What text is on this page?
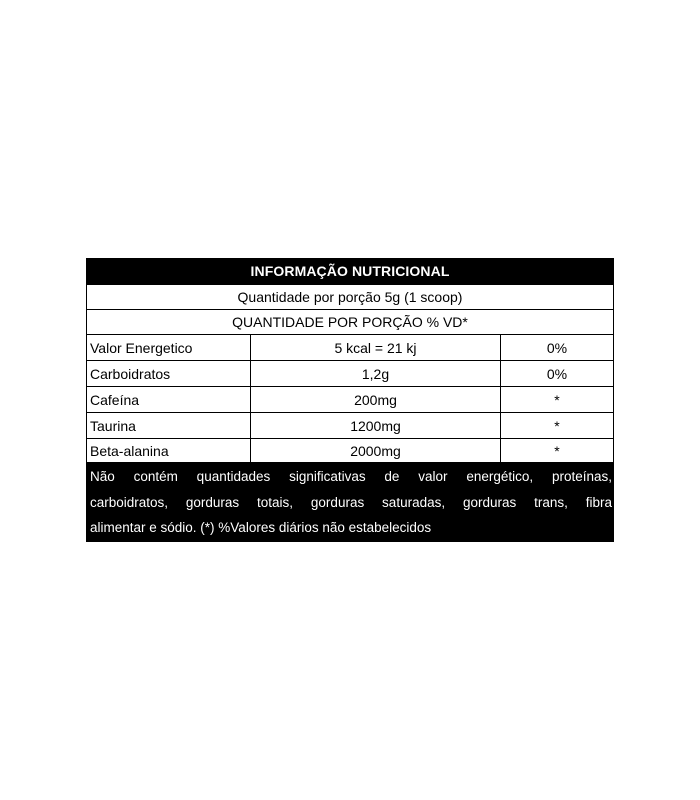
INFORMAÇÃO NUTRICIONAL
Quantidade por porção 5g (1 scoop)
QUANTIDADE POR PORÇÃO % VD*
Valor Energetico	5 kcal = 21 kj	0%
Carboidratos	1,2g	0%
Cafeína	200mg	*
Taurina	1200mg	*
Beta-alanina	2000mg	*
Não contém quantidades significativas de valor energético, proteínas,
carboidratos, gorduras totais, gorduras saturadas, gorduras trans, fibra
alimentar e sódio. (*) %Valores diários não estabelecidos
